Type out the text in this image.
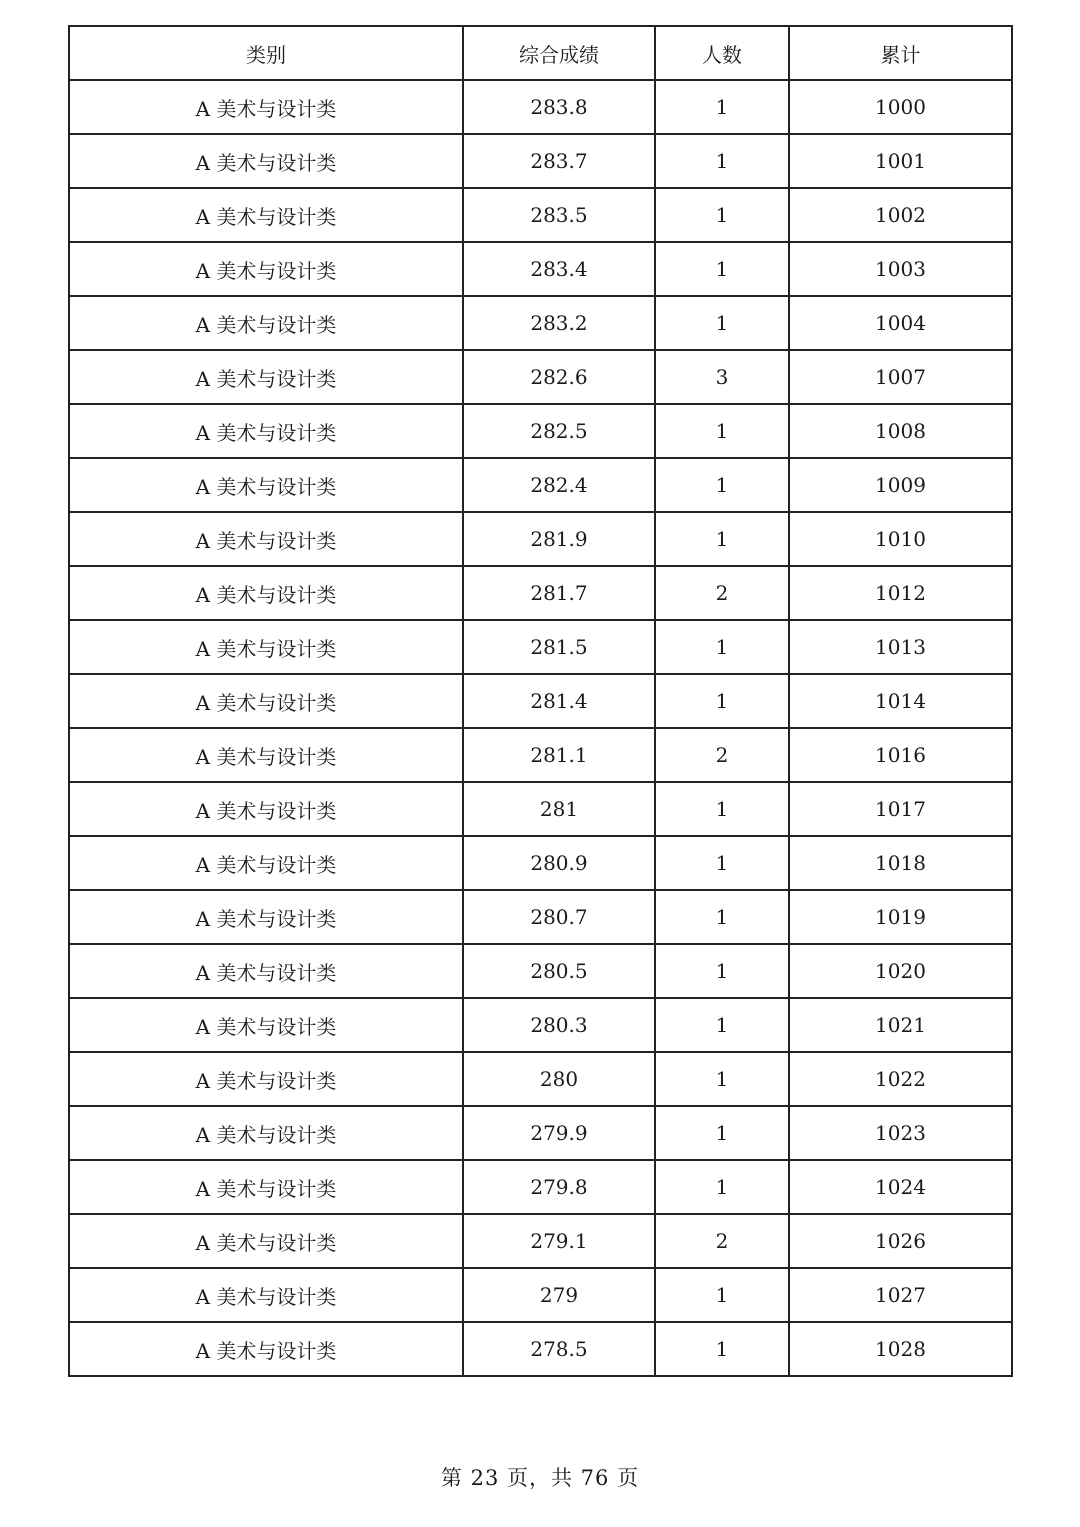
类别	综合成绩	人数	累计
A 美术与设计类	283.8	1	1000
A 美术与设计类	283.7	1	1001
A 美术与设计类	283.5	1	1002
A 美术与设计类	283.4	1	1003
A 美术与设计类	283.2	1	1004
A 美术与设计类	282.6	3	1007
A 美术与设计类	282.5	1	1008
A 美术与设计类	282.4	1	1009
A 美术与设计类	281.9	1	1010
A 美术与设计类	281.7	2	1012
A 美术与设计类	281.5	1	1013
A 美术与设计类	281.4	1	1014
A 美术与设计类	281.1	2	1016
A 美术与设计类	281	1	1017
A 美术与设计类	280.9	1	1018
A 美术与设计类	280.7	1	1019
A 美术与设计类	280.5	1	1020
A 美术与设计类	280.3	1	1021
A 美术与设计类	280	1	1022
A 美术与设计类	279.9	1	1023
A 美术与设计类	279.8	1	1024
A 美术与设计类	279.1	2	1026
A 美术与设计类	279	1	1027
A 美术与设计类	278.5	1	1028
第 23 页，共 76 页
